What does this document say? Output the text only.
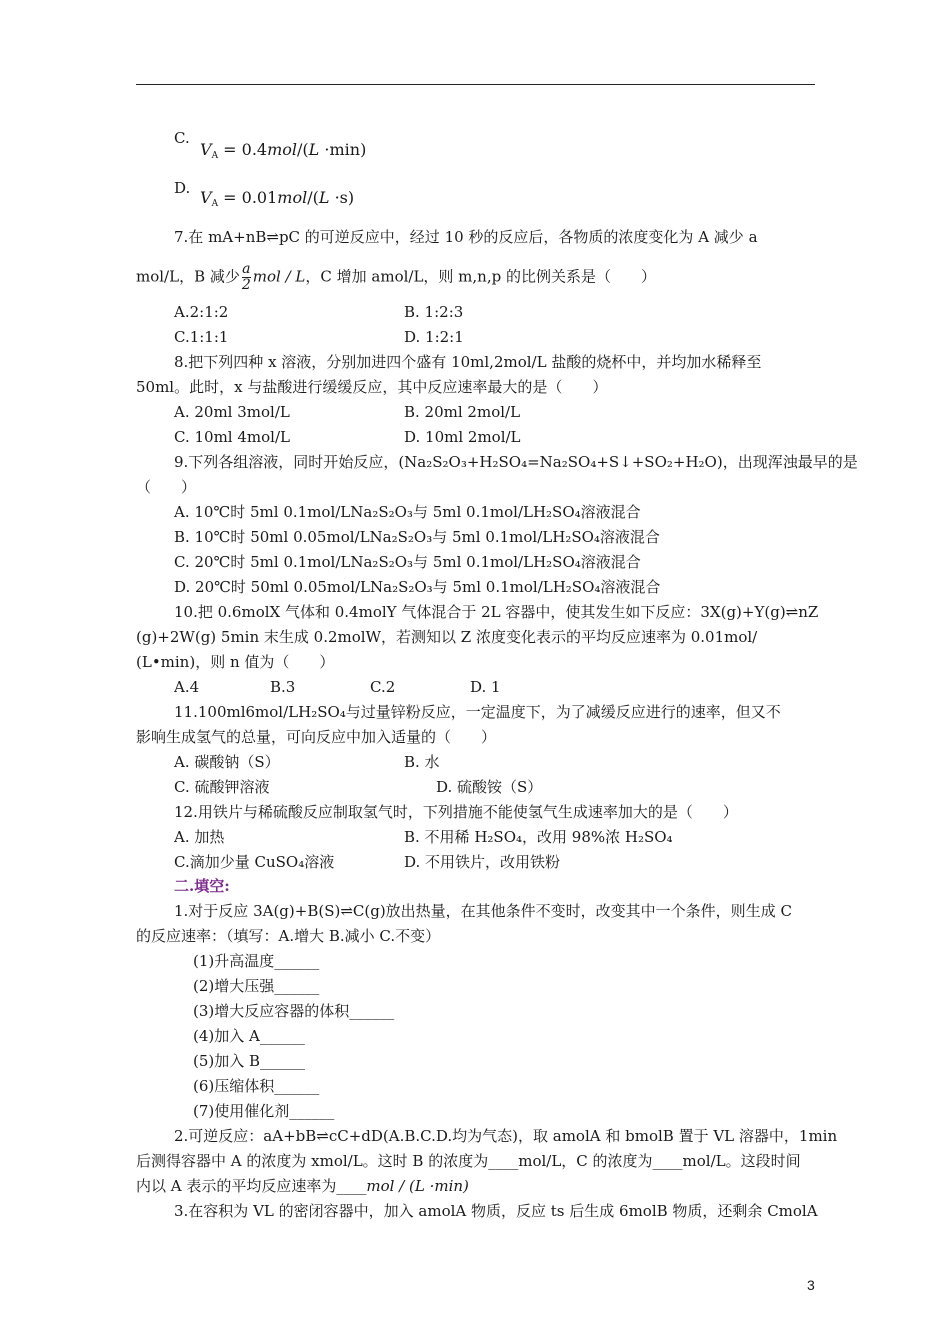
C.
$V_A = 0.4mol/(L \cdot\min)$
D. $V_A = 0.01mol/(L \cdot s)$
7.在 mA+nB⇌pC 的可逆反应中，经过 10 秒的反应后，各物质的浓度变化为 A 减少 a
mol/L，B 减少 $\frac{a}{2}$ mol / L，C 增加 amol/L，则 m,n,p 的比例关系是（　　）
A.2:1:2	B. 1:2:3
C.1:1:1	D. 1:2:1
8.把下列四种 x 溶液，分别加进四个盛有 10ml,2mol/L 盐酸的烧杯中，并均加水稀释至
50ml。此时，x 与盐酸进行缓缓反应，其中反应速率最大的是（　　）
A. 20ml 3mol/L	B. 20ml 2mol/L
C. 10ml 4mol/L	D. 10ml 2mol/L
9.下列各组溶液，同时开始反应，(Na₂S₂O₃+H₂SO₄=Na₂SO₄+S↓+SO₂+H₂O)，出现浑浊最早的是
（　　）
A. 10℃时 5ml 0.1mol/LNa₂S₂O₃与 5ml 0.1mol/LH₂SO₄溶液混合
B. 10℃时 50ml 0.05mol/LNa₂S₂O₃与 5ml 0.1mol/LH₂SO₄溶液混合
C. 20℃时 5ml 0.1mol/LNa₂S₂O₃与 5ml 0.1mol/LH₂SO₄溶液混合
D. 20℃时 50ml 0.05mol/LNa₂S₂O₃与 5ml 0.1mol/LH₂SO₄溶液混合
10.把 0.6molX 气体和 0.4molY 气体混合于 2L 容器中，使其发生如下反应：3X(g)+Y(g)⇌nZ
(g)+2W(g) 5min 末生成 0.2molW，若测知以 Z 浓度变化表示的平均反应速率为 0.01mol/
(L•min)，则 n 值为（　　）
A.4	B.3	C.2	D. 1
11.100ml6mol/LH₂SO₄与过量锌粉反应，一定温度下，为了减缓反应进行的速率，但又不
影响生成氢气的总量，可向反应中加入适量的（　　）
A. 碳酸钠（S）	B. 水
C. 硫酸钾溶液	D. 硫酸铵（S）
12.用铁片与稀硫酸反应制取氢气时，下列措施不能使氢气生成速率加大的是（　　）
A. 加热	B. 不用稀 H₂SO₄，改用 98%浓 H₂SO₄
C.滴加少量 CuSO₄溶液	D. 不用铁片，改用铁粉
二.填空:
1.对于反应 3A(g)+B(S)⇌C(g)放出热量，在其他条件不变时，改变其中一个条件，则生成 C
的反应速率：（填写：A.增大 B.减小 C.不变）
(1)升高温度______
(2)增大压强______
(3)增大反应容器的体积______
(4)加入 A______
(5)加入 B______
(6)压缩体积______
(7)使用催化剂______
2.可逆反应：aA+bB⇌cC+dD(A.B.C.D.均为气态)，取 amolA 和 bmolB 置于 VL 溶器中，1min
后测得容器中 A 的浓度为 xmol/L。这时 B 的浓度为____mol/L，C 的浓度为____mol/L。这段时间
内以 A 表示的平均反应速率为____mol / (L ·min)
3.在容积为 VL 的密闭容器中，加入 amolA 物质，反应 ts 后生成 6molB 物质，还剩余 CmolA
3
